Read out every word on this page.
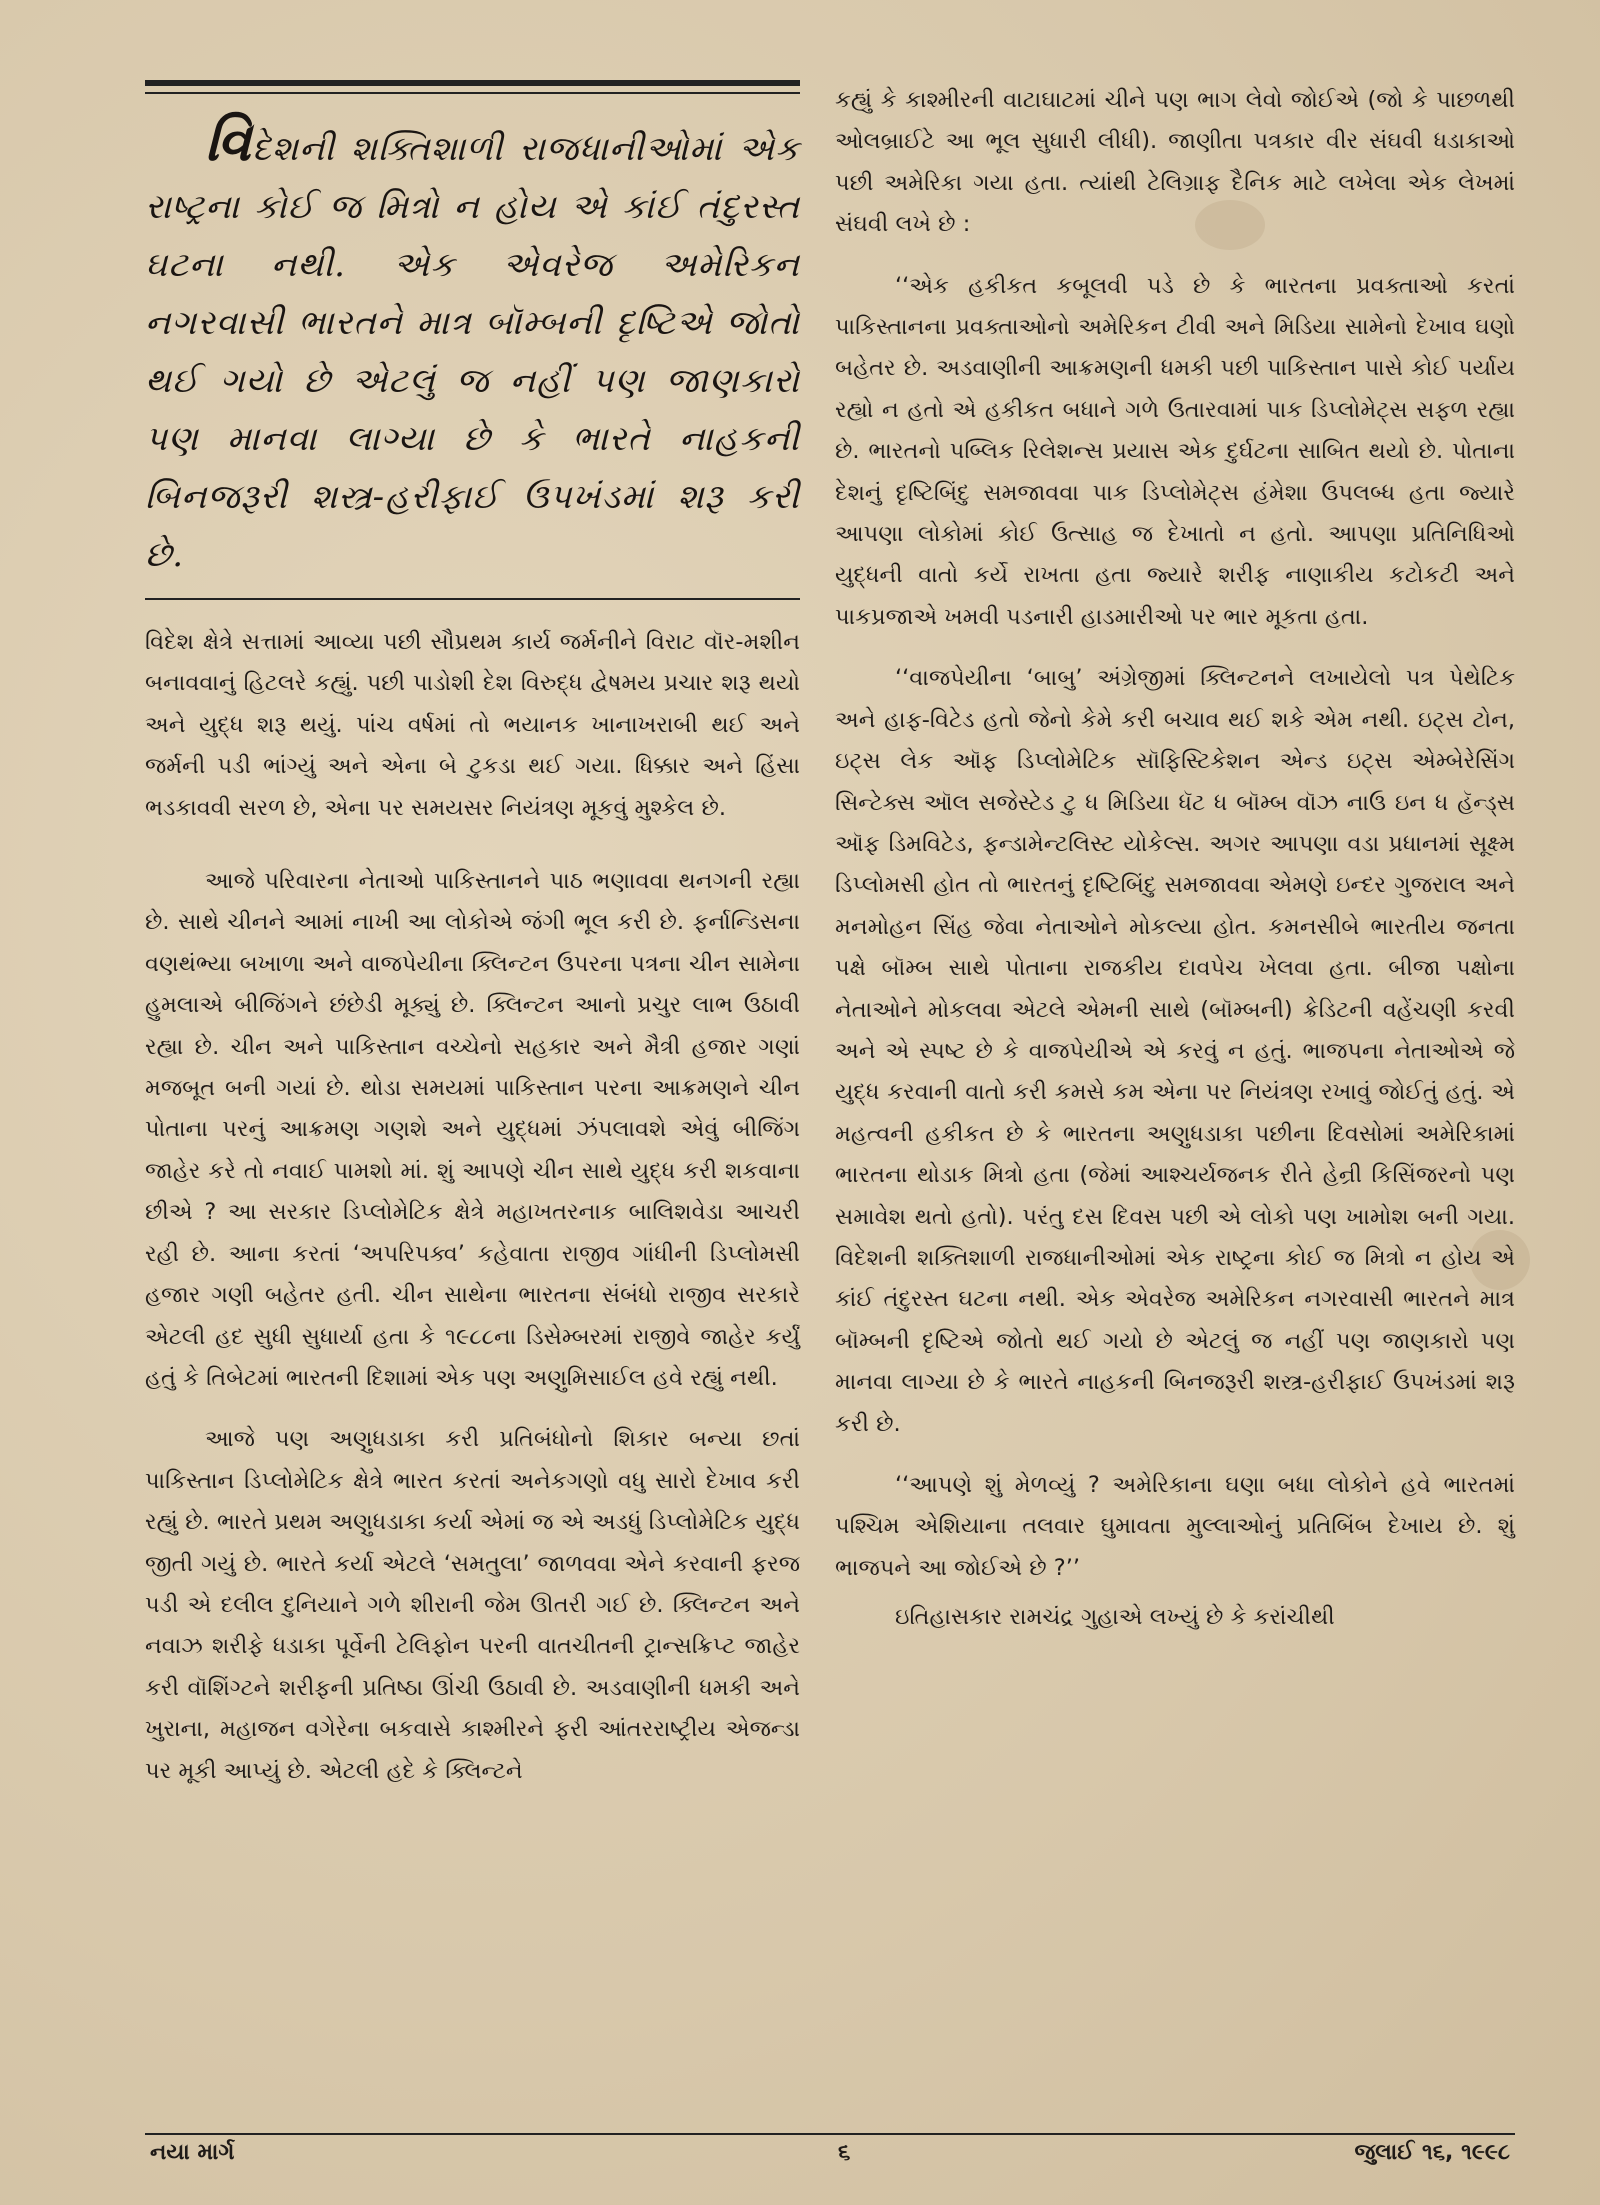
વિદેશની શક્તિશાળી રાજધાનીઓમાં એક રાષ્ટ્રના કોઈ જ મિત્રો ન હોય એ કાંઈ તંદુરસ્ત ઘટના નથી. એક એવરેજ અમેરિકન નગરવાસી ભારતને માત્ર બૉમ્બની દૃષ્ટિએ જોતો થઈ ગયો છે એટલું જ નહીં પણ જાણકારો પણ માનવા લાગ્યા છે કે ભારતે નાહકની બિનજરૂરી શસ્ત્ર-હરીફાઈ ઉપખંડમાં શરૂ કરી છે.

વિદેશ ક્ષેત્રે સત્તામાં આવ્યા પછી સૌપ્રથમ કાર્ય જર્મનીને વિરાટ વૉર-મશીન બનાવવાનું હિટલરે કહ્યું. પછી પાડોશી દેશ વિરુદ્ધ દ્વેષમય પ્રચાર શરૂ થયો અને યુદ્ધ શરૂ થયું. પાંચ વર્ષમાં તો ભયાનક ખાનાખરાબી થઈ અને જર્મની પડી ભાંગ્યું અને એના બે ટુકડા થઈ ગયા. ધિક્કાર અને હિંસા ભડકાવવી સરળ છે, એના પર સમયસર નિયંત્રણ મૂકવું મુશ્કેલ છે.

આજે પરિવારના નેતાઓ પાકિસ્તાનને પાઠ ભણાવવા થનગની રહ્યા છે. સાથે ચીનને આમાં નાખી આ લોકોએ જંગી ભૂલ કરી છે. ફર્નાન્ડિસના વણથંભ્યા બખાળા અને વાજપેયીના ક્લિન્ટન ઉપરના પત્રના ચીન સામેના હુમલાએ બીજિંગને છંછેડી મૂક્યું છે. ક્લિન્ટન આનો પ્રચુર લાભ ઉઠાવી રહ્યા છે. ચીન અને પાકિસ્તાન વચ્ચેનો સહકાર અને મૈત્રી હજાર ગણાં મજબૂત બની ગયાં છે. થોડા સમયમાં પાકિસ્તાન પરના આક્રમણને ચીન પોતાના પરનું આક્રમણ ગણશે અને યુદ્ધમાં ઝંપલાવશે એવું બીજિંગ જાહેર કરે તો નવાઈ પામશો માં. શું આપણે ચીન સાથે યુદ્ધ કરી શકવાના છીએ ? આ સરકાર ડિપ્લોમેટિક ક્ષેત્રે મહાખતરનાક બાલિશવેડા આચરી રહી છે. આના કરતાં ‘અપરિપક્વ’ કહેવાતા રાજીવ ગાંધીની ડિપ્લોમસી હજાર ગણી બહેતર હતી. ચીન સાથેના ભારતના સંબંધો રાજીવ સરકારે એટલી હદ સુધી સુધાર્યા હતા કે ૧૯૮૮ના ડિસેમ્બરમાં રાજીવે જાહેર કર્યું હતું કે તિબેટમાં ભારતની દિશામાં એક પણ અણુમિસાઈલ હવે રહ્યું નથી.

આજે પણ અણુધડાકા કરી પ્રતિબંધોનો શિકાર બન્યા છતાં પાકિસ્તાન ડિપ્લોમેટિક ક્ષેત્રે ભારત કરતાં અનેકગણો વધુ સારો દેખાવ કરી રહ્યું છે. ભારતે પ્રથમ અણુધડાકા કર્યા એમાં જ એ અડધું ડિપ્લોમેટિક યુદ્ધ જીતી ગયું છે. ભારતે કર્યા એટલે ‘સમતુલા’ જાળવવા એને કરવાની ફરજ પડી એ દલીલ દુનિયાને ગળે શીરાની જેમ ઊતરી ગઈ છે. ક્લિન્ટન અને નવાઝ શરીફે ધડાકા પૂર્વેની ટેલિફોન પરની વાતચીતની ટ્રાન્સક્રિપ્ટ જાહેર કરી વૉશિંગ્ટને શરીફની પ્રતિષ્ઠા ઊંચી ઉઠાવી છે. અડવાણીની ધમકી અને ખુરાના, મહાજન વગેરેના બકવાસે કાશ્મીરને ફરી આંતરરાષ્ટ્રીય એજન્ડા પર મૂકી આપ્યું છે. એટલી હદે કે ક્લિન્ટને

કહ્યું કે કાશ્મીરની વાટાઘાટમાં ચીને પણ ભાગ લેવો જોઈએ (જો કે પાછળથી ઓલબ્રાઈટે આ ભૂલ સુધારી લીધી). જાણીતા પત્રકાર વીર સંઘવી ધડાકાઓ પછી અમેરિકા ગયા હતા. ત્યાંથી ટેલિગ્રાફ દૈનિક માટે લખેલા એક લેખમાં સંઘવી લખે છે :

‘‘એક હકીકત કબૂલવી પડે છે કે ભારતના પ્રવક્તાઓ કરતાં પાકિસ્તાનના પ્રવક્તાઓનો અમેરિકન ટીવી અને મિડિયા સામેનો દેખાવ ઘણો બહેતર છે. અડવાણીની આક્રમણની ધમકી પછી પાકિસ્તાન પાસે કોઈ પર્યાય રહ્યો ન હતો એ હકીકત બધાને ગળે ઉતારવામાં પાક ડિપ્લોમેટ્સ સફળ રહ્યા છે. ભારતનો પબ્લિક રિલેશન્સ પ્રયાસ એક દુર્ઘટના સાબિત થયો છે. પોતાના દેશનું દૃષ્ટિબિંદુ સમજાવવા પાક ડિપ્લોમેટ્સ હંમેશા ઉપલબ્ધ હતા જ્યારે આપણા લોકોમાં કોઈ ઉત્સાહ જ દેખાતો ન હતો. આપણા પ્રતિનિધિઓ યુદ્ધની વાતો કર્યે રાખતા હતા જ્યારે શરીફ નાણાકીય કટોકટી અને પાકપ્રજાએ ખમવી પડનારી હાડમારીઓ પર ભાર મૂકતા હતા.

‘‘વાજપેયીના ‘બાબુ’ અંગ્રેજીમાં ક્લિન્ટનને લખાયેલો પત્ર પેથેટિક અને હાફ-વિટેડ હતો જેનો કેમે કરી બચાવ થઈ શકે એમ નથી. ઇટ્સ ટોન, ઇટ્સ લેક ઑફ ડિપ્લોમેટિક સૉફિસ્ટિકેશન એન્ડ ઇટ્સ એમ્બેરેસિંગ સિન્ટેક્સ ઑલ સજેસ્ટેડ ટુ ધ મિડિયા ધૅટ ધ બૉમ્બ વૉઝ નાઉ ઇન ધ હૅન્ડ્સ ઑફ ડિમવિટેડ, ફન્ડામેન્ટલિસ્ટ યોકેલ્સ. અગર આપણા વડા પ્રધાનમાં સૂક્ષ્મ ડિપ્લોમસી હોત તો ભારતનું દૃષ્ટિબિંદુ સમજાવવા એમણે ઇન્દર ગુજરાલ અને મનમોહન સિંહ જેવા નેતાઓને મોકલ્યા હોત. કમનસીબે ભારતીય જનતા પક્ષે બૉમ્બ સાથે પોતાના રાજકીય દાવપેચ ખેલવા હતા. બીજા પક્ષોના નેતાઓને મોકલવા એટલે એમની સાથે (બૉમ્બની) ક્રેડિટની વહેંચણી કરવી અને એ સ્પષ્ટ છે કે વાજપેયીએ એ કરવું ન હતું. ભાજપના નેતાઓએ જે યુદ્ધ કરવાની વાતો કરી કમસે કમ એના પર નિયંત્રણ રખાવું જોઈતું હતું. એ મહત્વની હકીકત છે કે ભારતના અણુધડાકા પછીના દિવસોમાં અમેરિકામાં ભારતના થોડાક મિત્રો હતા (જેમાં આશ્ચર્યજનક રીતે હેન્રી કિસિંજરનો પણ સમાવેશ થતો હતો). પરંતુ દસ દિવસ પછી એ લોકો પણ ખામોશ બની ગયા. વિદેશની શક્તિશાળી રાજધાનીઓમાં એક રાષ્ટ્રના કોઈ જ મિત્રો ન હોય એ કાંઈ તંદુરસ્ત ઘટના નથી. એક એવરેજ અમેરિકન નગરવાસી ભારતને માત્ર બૉમ્બની દૃષ્ટિએ જોતો થઈ ગયો છે એટલું જ નહીં પણ જાણકારો પણ માનવા લાગ્યા છે કે ભારતે નાહકની બિનજરૂરી શસ્ત્ર-હરીફાઈ ઉપખંડમાં શરૂ કરી છે.

‘‘આપણે શું મેળવ્યું ? અમેરિકાના ઘણા બધા લોકોને હવે ભારતમાં પશ્ચિમ એશિયાના તલવાર ઘુમાવતા મુલ્લાઓનું પ્રતિબિંબ દેખાય છે. શું ભાજપને આ જોઈએ છે ?’’

ઇતિહાસકાર રામચંદ્ર ગુહાએ લખ્યું છે કે કરાંચીથી

નયા માર્ગ	૬	જુલાઈ ૧૬, ૧૯૯૮
